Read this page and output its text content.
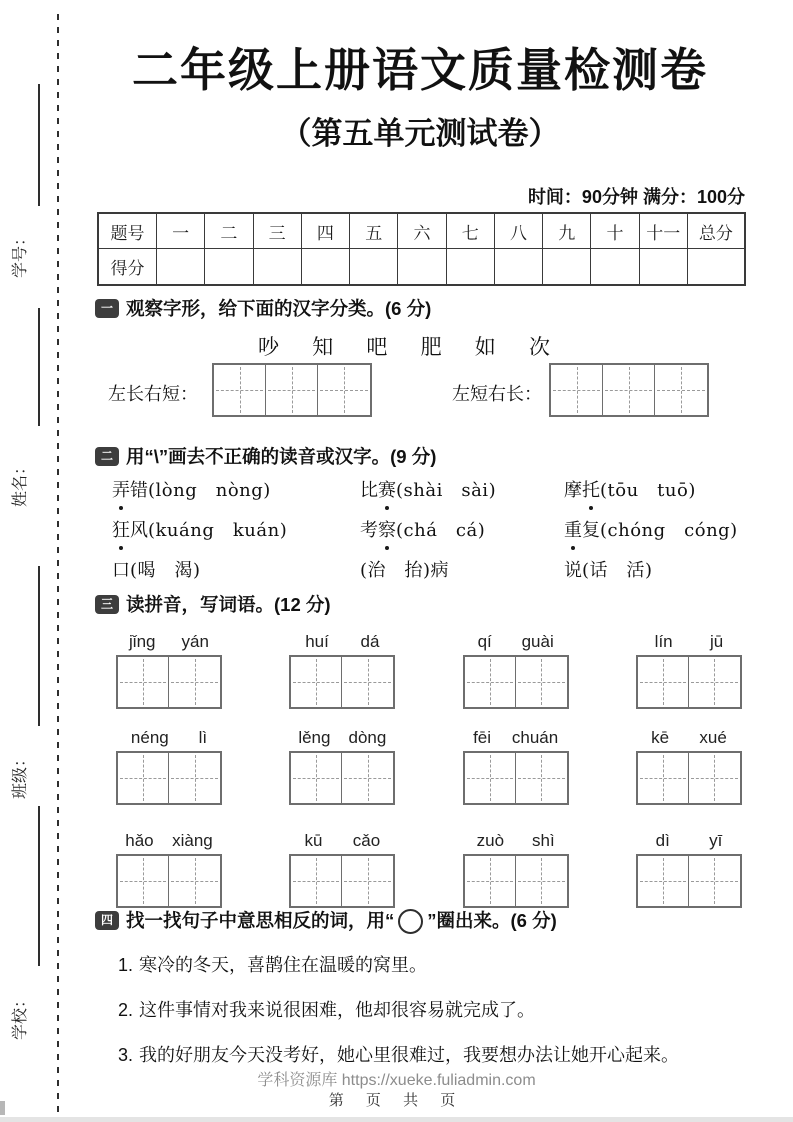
学号：
姓名：
班级：
学校：
二年级上册语文质量检测卷
（第五单元测试卷）
时间：90分钟 满分：100分
题号	一	二	三	四	五	六	七	八	九	十	十一	总分
得分
一 观察字形，给下面的汉字分类。(6 分)
吵 知 吧 肥 如 次
左长右短：	左短右长：
二 用“\”画去不正确的读音或汉字。(9 分)
弄错(lòng　nòng)	比赛(shài　sài)	摩托(tōu　tuō)
狂风(kuáng　kuán)	考察(chá　cá)	重复(chóng　cóng)
口(喝　渴)	(治　抬)病	说(话　活)
三 读拼音，写词语。(12 分)
jǐng yán	huí dá	qí guài	lín jū
néng lì	lěng dòng	fēi chuán	kē xué
hǎo xiàng	kū cǎo	zuò shì	dì yī
四 找一找句子中意思相反的词，用“ ”圈出来。(6 分)
1. 寒冷的冬天，喜鹊住在温暖的窝里。
2. 这件事情对我来说很困难，他却很容易就完成了。
3. 我的好朋友今天没考好，她心里很难过，我要想办法让她开心起来。
学科资源库 https://xueke.fuliadmin.com
第 页 共 页
